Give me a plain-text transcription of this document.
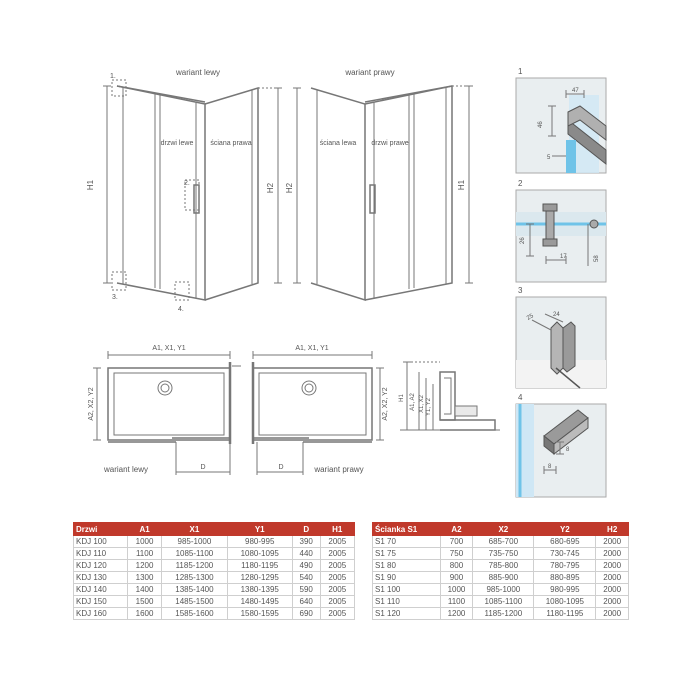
wariant lewy
drzwi lewe ściana prawa
H1	H2
1.
2.
3.
4.
wariant prawy
ściana lewa drzwi prawe
H2	H1
A1, X1, Y1
A2, X2, Y2
D
wariant lewy
A1, X1, Y1
A2, X2, Y2
D	wariant prawy
H1 A1, A2 X1, X2 Y1, Y2
1
47
46
5
2
26
17	58
3
25	24
4
8
8
Drzwi	A1	X1	Y1	D	H1
KDJ 100	1000	985-1000	980-995	390	2005
KDJ 110	1100	1085-1100	1080-1095	440	2005
KDJ 120	1200	1185-1200	1180-1195	490	2005
KDJ 130	1300	1285-1300	1280-1295	540	2005
KDJ 140	1400	1385-1400	1380-1395	590	2005
KDJ 150	1500	1485-1500	1480-1495	640	2005
KDJ 160	1600	1585-1600	1580-1595	690	2005
Ścianka S1	A2	X2	Y2	H2
S1 70	700	685-700	680-695	2000
S1 75	750	735-750	730-745	2000
S1 80	800	785-800	780-795	2000
S1 90	900	885-900	880-895	2000
S1 100	1000	985-1000	980-995	2000
S1 110	1100	1085-1100	1080-1095	2000
S1 120	1200	1185-1200	1180-1195	2000
